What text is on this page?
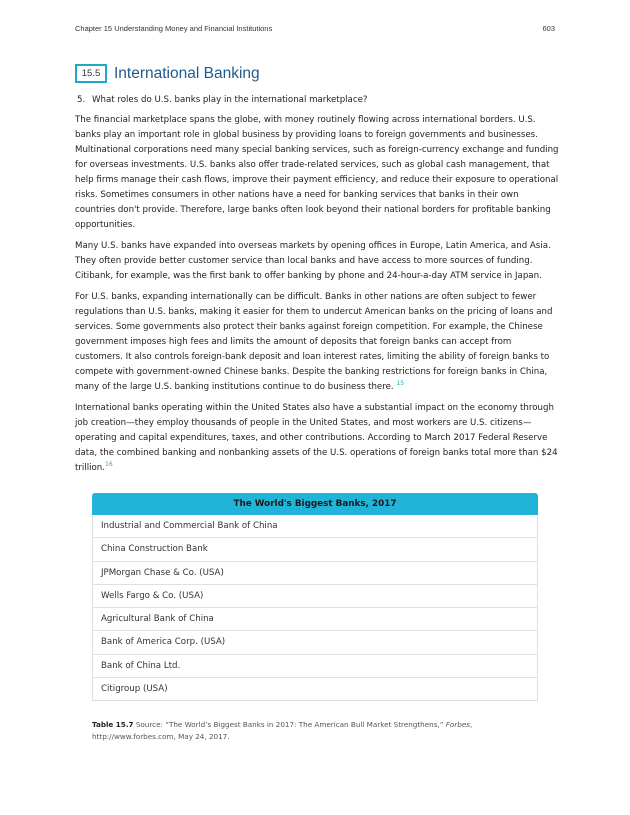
Chapter 15 Understanding Money and Financial Institutions	603
15.5 International Banking
5. What roles do U.S. banks play in the international marketplace?

The financial marketplace spans the globe, with money routinely flowing across international borders. U.S. banks play an important role in global business by providing loans to foreign governments and businesses. Multinational corporations need many special banking services, such as foreign-currency exchange and funding for overseas investments. U.S. banks also offer trade-related services, such as global cash management, that help firms manage their cash flows, improve their payment efficiency, and reduce their exposure to operational risks. Sometimes consumers in other nations have a need for banking services that banks in their own countries don't provide. Therefore, large banks often look beyond their national borders for profitable banking opportunities.

Many U.S. banks have expanded into overseas markets by opening offices in Europe, Latin America, and Asia. They often provide better customer service than local banks and have access to more sources of funding. Citibank, for example, was the first bank to offer banking by phone and 24-hour-a-day ATM service in Japan.

For U.S. banks, expanding internationally can be difficult. Banks in other nations are often subject to fewer regulations than U.S. banks, making it easier for them to undercut American banks on the pricing of loans and services. Some governments also protect their banks against foreign competition. For example, the Chinese government imposes high fees and limits the amount of deposits that foreign banks can accept from customers. It also controls foreign-bank deposit and loan interest rates, limiting the ability of foreign banks to compete with government-owned Chinese banks. Despite the banking restrictions for foreign banks in China, many of the large U.S. banking institutions continue to do business there. $^{15}$

International banks operating within the United States also have a substantial impact on the economy through job creation—they employ thousands of people in the United States, and most workers are U.S. citizens—operating and capital expenditures, taxes, and other contributions. According to March 2017 Federal Reserve data, the combined banking and nonbanking assets of the U.S. operations of foreign banks total more than $24 trillion.$^{16}$

The World's Biggest Banks, 2017
Industrial and Commercial Bank of China
China Construction Bank
JPMorgan Chase & Co. (USA)
Wells Fargo & Co. (USA)
Agricultural Bank of China
Bank of America Corp. (USA)
Bank of China Ltd.
Citigroup (USA)
Table 15.7 Source: “The World’s Biggest Banks in 2017: The American Bull Market Strengthens,” Forbes, http://www.forbes.com, May 24, 2017.
